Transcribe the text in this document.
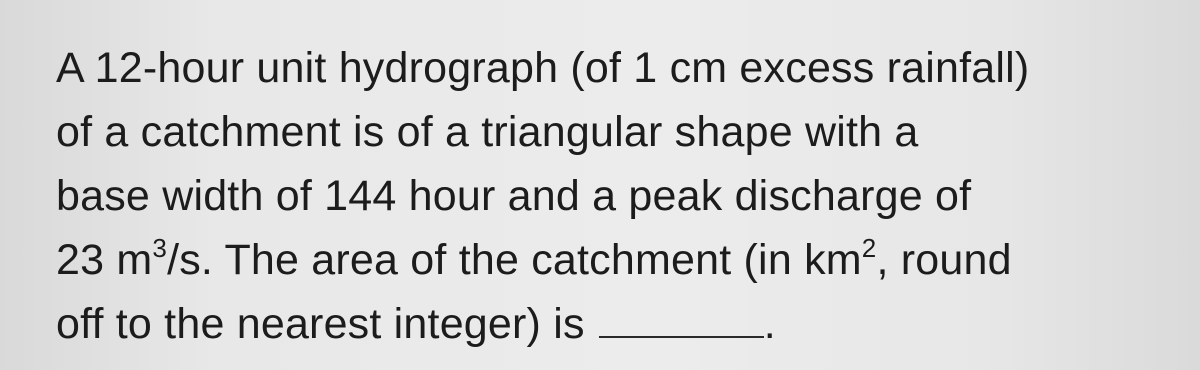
A 12-hour unit hydrograph (of 1 cm excess rainfall)
of a catchment is of a triangular shape with a
base width of 144 hour and a peak discharge of
23 $m^3/s$. The area of the catchment (in $km^2$, round
off to the nearest integer) is	.
